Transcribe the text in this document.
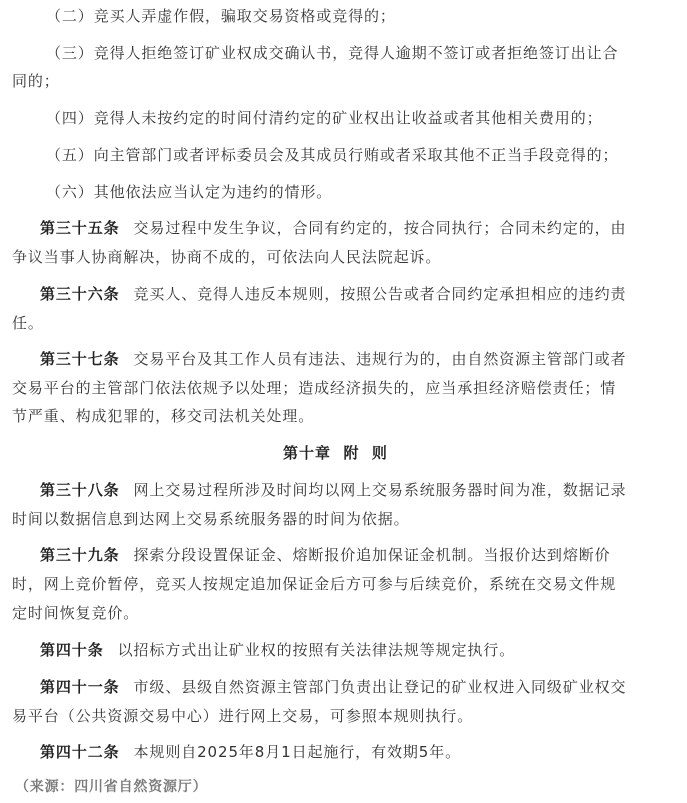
（二）竞买人弄虚作假，骗取交易资格或竞得的；
（三）竞得人拒绝签订矿业权成交确认书，竞得人逾期不签订或者拒绝签订出让合
同的；
（四）竞得人未按约定的时间付清约定的矿业权出让收益或者其他相关费用的；
（五）向主管部门或者评标委员会及其成员行贿或者采取其他不正当手段竞得的；
（六）其他依法应当认定为违约的情形。
第三十五条 交易过程中发生争议，合同有约定的，按合同执行；合同未约定的，由
争议当事人协商解决，协商不成的，可依法向人民法院起诉。
第三十六条 竞买人、竞得人违反本规则，按照公告或者合同约定承担相应的违约责
任。
第三十七条 交易平台及其工作人员有违法、违规行为的，由自然资源主管部门或者
交易平台的主管部门依法依规予以处理；造成经济损失的，应当承担经济赔偿责任；情
节严重、构成犯罪的，移交司法机关处理。
第十章  附  则
第三十八条 网上交易过程所涉及时间均以网上交易系统服务器时间为准，数据记录
时间以数据信息到达网上交易系统服务器的时间为依据。
第三十九条 探索分段设置保证金、熔断报价追加保证金机制。当报价达到熔断价
时，网上竞价暂停，竞买人按规定追加保证金后方可参与后续竞价，系统在交易文件规
定时间恢复竞价。
第四十条 以招标方式出让矿业权的按照有关法律法规等规定执行。
第四十一条 市级、县级自然资源主管部门负责出让登记的矿业权进入同级矿业权交
易平台（公共资源交易中心）进行网上交易，可参照本规则执行。
第四十二条 本规则自2025年8月1日起施行，有效期5年。
（来源：四川省自然资源厅）
